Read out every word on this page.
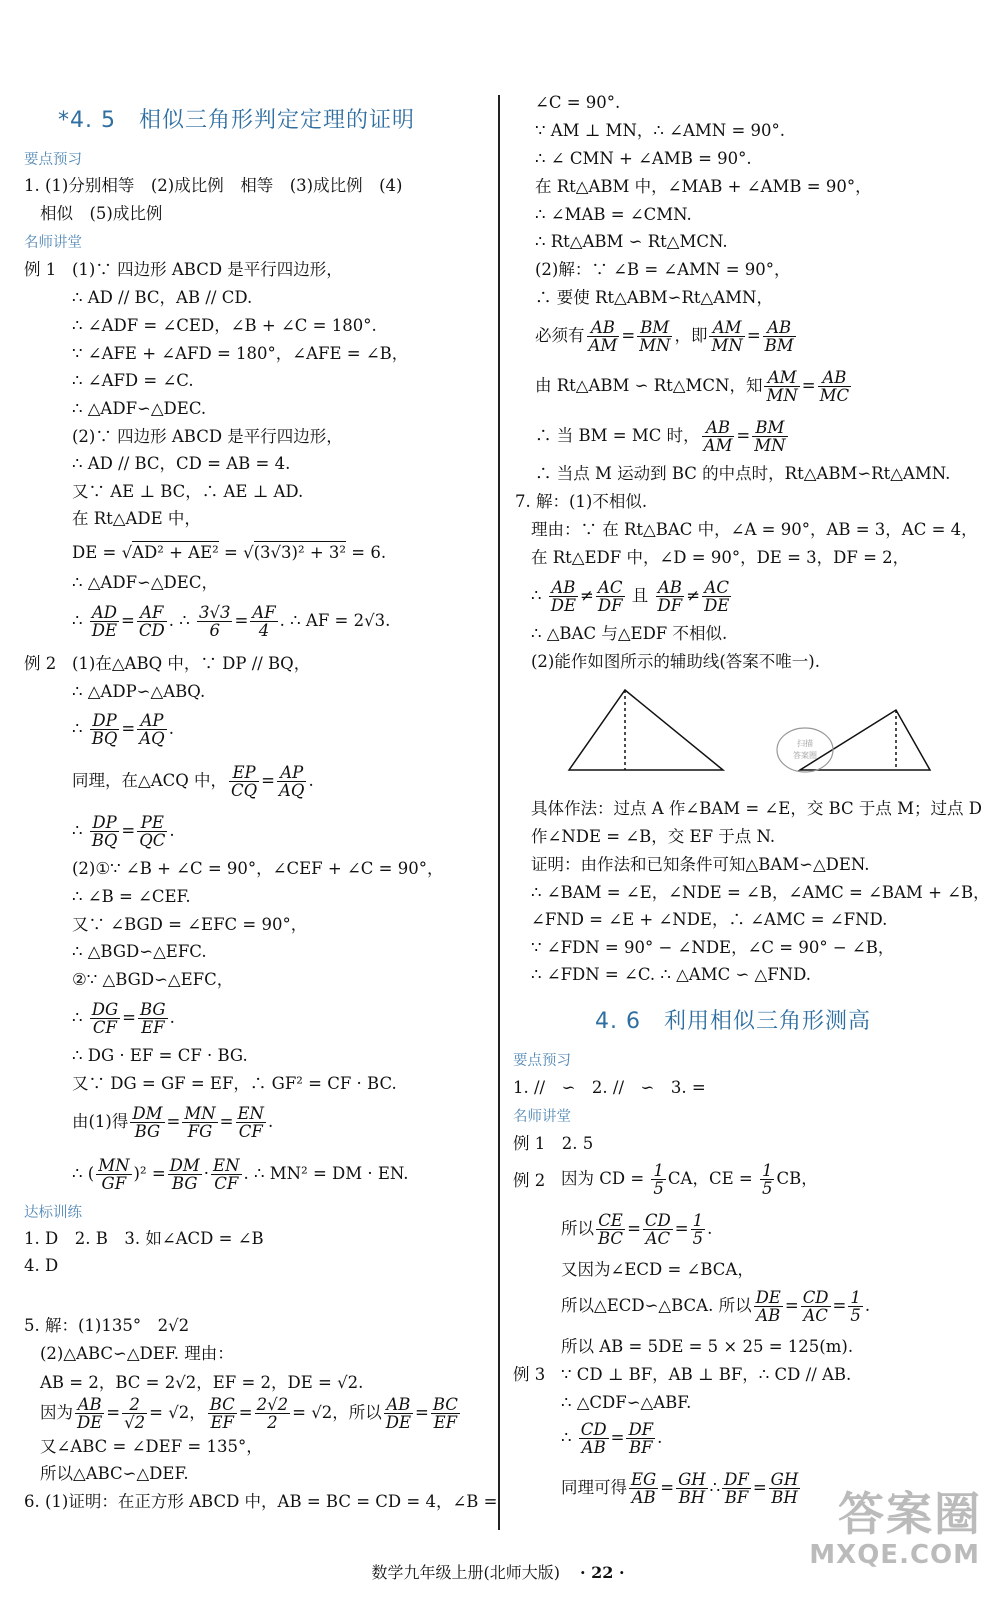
*4. 5　相似三角形判定定理的证明
要点预习
1. (1)分别相等　(2)成比例　相等　(3)成比例　(4)
相似　(5)成比例
名师讲堂
例 1 (1)∵ 四边形 ABCD 是平行四边形，
∴ AD // BC，AB // CD.
∴ ∠ADF = ∠CED，∠B + ∠C = 180°.
∵ ∠AFE + ∠AFD = 180°，∠AFE = ∠B，
∴ ∠AFD = ∠C.
∴ △ADF∽△DEC.
(2)∵ 四边形 ABCD 是平行四边形，
∴ AD // BC，CD = AB = 4.
又∵ AE ⊥ BC，∴ AE ⊥ AD.
在 Rt△ADE 中，
DE = √AD² + AE² = √(3√3)² + 3² = 6.
∴ △ADF∽△DEC，
∴ $\frac{AD}{DE} = \frac{AF}{CD}$ . ∴ $\frac{3√3}{6} = \frac{AF}{4}$ . ∴ AF = 2√3.
例 2 (1)在△ABQ 中，∵ DP // BQ，
∴ △ADP∽△ABQ.
∴ $\frac{DP}{BQ} = \frac{AP}{AQ}$ .
同理，在△ACQ 中， $\frac{EP}{CQ} = \frac{AP}{AQ}$ .
∴ $\frac{DP}{BQ} = \frac{PE}{QC}$ .
(2)①∵ ∠B + ∠C = 90°，∠CEF + ∠C = 90°，
∴ ∠B = ∠CEF.
又∵ ∠BGD = ∠EFC = 90°，
∴ △BGD∽△EFC.
②∵ △BGD∽△EFC，
∴ $\frac{DG}{CF} = \frac{BG}{EF}$ .
∴ DG · EF = CF · BG.
又∵ DG = GF = EF，∴ GF² = CF · BC.
由(1)得 $\frac{DM}{BG} = \frac{MN}{FG} = \frac{EN}{CF}$ .
∴ ( $\frac{MN}{GF} )^2 = \frac{DM}{BG} \cdot \frac{EN}{CF}$ . ∴ MN² = DM · EN.
达标训练
1. D　2. B　3. 如∠ACD = ∠B
4. D
5. 解：(1)135°　2√2
(2)△ABC∽△DEF. 理由：
AB = 2，BC = 2√2，EF = 2，DE = √2.
因为 $\frac{AB}{DE} = \frac{2}{√2} = √2$， $\frac{BC}{EF} = \frac{2√2}{2} = √2$，所以 $\frac{AB}{DE} = \frac{BC}{EF}$
又∠ABC = ∠DEF = 135°，
所以△ABC∽△DEF.
6. (1)证明：在正方形 ABCD 中，AB = BC = CD = 4，∠B =
∠C = 90°.
∵ AM ⊥ MN，∴ ∠AMN = 90°.
∴ ∠ CMN + ∠AMB = 90°.
在 Rt△ABM 中，∠MAB + ∠AMB = 90°，
∴ ∠MAB = ∠CMN.
∴ Rt△ABM ∽ Rt△MCN.
(2)解：∵ ∠B = ∠AMN = 90°，
∴ 要使 Rt△ABM∽Rt△AMN，
必须有 $\frac{AB}{AM} = \frac{BM}{MN}$ ，即 $\frac{AM}{MN} = \frac{AB}{BM}$
由 Rt△ABM ∽ Rt△MCN，知 $\frac{AM}{MN} = \frac{AB}{MC}$
∴ 当 BM = MC 时， $\frac{AB}{AM} = \frac{BM}{MN}$
∴ 当点 M 运动到 BC 的中点时，Rt△ABM∽Rt△AMN.
7. 解：(1)不相似.
理由：∵ 在 Rt△BAC 中，∠A = 90°，AB = 3，AC = 4，
在 Rt△EDF 中，∠D = 90°，DE = 3，DF = 2，
∴ $\frac{AB}{DE} \ne \frac{AC}{DF}$ 且 $\frac{AB}{DF} \ne \frac{AC}{DE}$
∴ △BAC 与△EDF 不相似.
(2)能作如图所示的辅助线(答案不唯一).
扫描
答案圈
具体作法：过点 A 作∠BAM = ∠E，交 BC 于点 M；过点 D
作∠NDE = ∠B，交 EF 于点 N.
证明：由作法和已知条件可知△BAM∽△DEN.
∴ ∠BAM = ∠E，∠NDE = ∠B，∠AMC = ∠BAM + ∠B，
∠FND = ∠E + ∠NDE，∴ ∠AMC = ∠FND.
∵ ∠FDN = 90° − ∠NDE，∠C = 90° − ∠B，
∴ ∠FDN = ∠C. ∴ △AMC ∽ △FND.
4. 6　利用相似三角形测高
要点预习
1. //　∽　2. //　∽　3. =
名师讲堂
例 1　2. 5
例 2 因为 CD = $\frac{1}{5}$ CA，CE = $\frac{1}{5}$ CB，
所以 $\frac{CE}{BC} = \frac{CD}{AC} = \frac{1}{5}$ .
又因为∠ECD = ∠BCA，
所以△ECD∽△BCA. 所以 $\frac{DE}{AB} = \frac{CD}{AC} = \frac{1}{5}$ .
所以 AB = 5DE = 5 × 25 = 125(m).
例 3 ∵ CD ⊥ BF，AB ⊥ BF，∴ CD // AB.
∴ △CDF∽△ABF.
∴ $\frac{CD}{AB} = \frac{DF}{BF}$ .
同理可得 $\frac{EG}{AB} = \frac{GH}{BH}$ ∴ $\frac{DF}{BF} = \frac{GH}{BH}$ 答案圈
MXQE.COM
数学九年级上册(北师大版) · 22 ·
